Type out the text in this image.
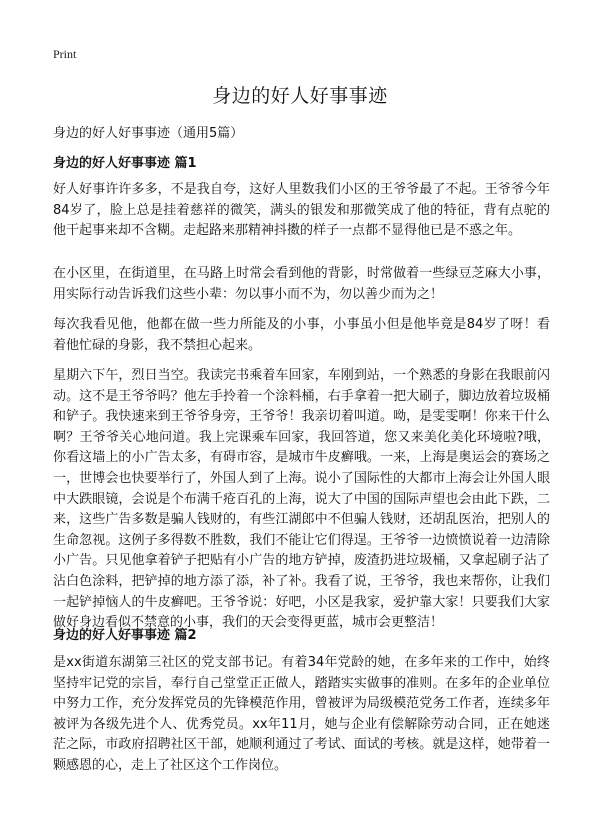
Print
身边的好人好事事迹

身边的好人好事事迹（通用5篇）

身边的好人好事事迹 篇1

好人好事许许多多，不是我自夸，这好人里数我们小区的王爷爷最了不起。王爷爷今年84岁了，脸上总是挂着慈祥的微笑，满头的银发和那微笑成了他的特征，背有点驼的他干起事来却不含糊。走起路来那精神抖擞的样子一点都不显得他已是不惑之年。

在小区里，在街道里，在马路上时常会看到他的背影，时常做着一些绿豆芝麻大小事，用实际行动告诉我们这些小辈：勿以事小而不为，勿以善少而为之！

每次我看见他，他都在做一些力所能及的小事，小事虽小但是他毕竟是84岁了呀！看着他忙碌的身影，我不禁担心起来。

星期六下午，烈日当空。我读完书乘着车回家，车刚到站，一个熟悉的身影在我眼前闪动。这不是王爷爷吗？他左手拎着一个涂料桶，右手拿着一把大刷子，脚边放着垃圾桶和铲子。我快速来到王爷爷身旁，王爷爷！我亲切着叫道。呦，是雯雯啊！你来干什么啊？王爷爷关心地问道。我上完课乘车回家，我回答道，您又来美化美化环境啦?哦，你看这墙上的小广告太多，有碍市容，是城市牛皮癣哦。一来，上海是奥运会的赛场之一，世博会也快要举行了，外国人到了上海。说小了国际性的大都市上海会让外国人眼中大跌眼镜，会说是个布满千疮百孔的上海，说大了中国的国际声望也会由此下跌，二来，这些广告多数是骗人钱财的，有些江湖郎中不但骗人钱财，还胡乱医治，把别人的生命忽视。这例子多得数不胜数，我们不能让它们得逞。王爷爷一边愤愤说着一边清除小广告。只见他拿着铲子把贴有小广告的地方铲掉，废渣扔进垃圾桶，又拿起刷子沾了沾白色涂料，把铲掉的地方添了添，补了补。我看了说，王爷爷，我也来帮你，让我们一起铲掉恼人的牛皮癣吧。王爷爷说：好吧，小区是我家，爱护靠大家！只要我们大家做好身边看似不禁意的小事，我们的天会变得更蓝，城市会更整洁！

身边的好人好事事迹 篇2

是xx街道东湖第三社区的党支部书记。有着34年党龄的她，在多年来的工作中，始终坚持牢记党的宗旨，奉行自己堂堂正正做人，踏踏实实做事的准则。在多年的企业单位中努力工作，充分发挥党员的先锋模范作用，曾被评为局级模范党务工作者，连续多年被评为各级先进个人、优秀党员。xx年11月，她与企业有偿解除劳动合同，正在她迷茫之际，市政府招聘社区干部，她顺利通过了考试、面试的考核。就是这样，她带着一颗感恩的心，走上了社区这个工作岗位。
